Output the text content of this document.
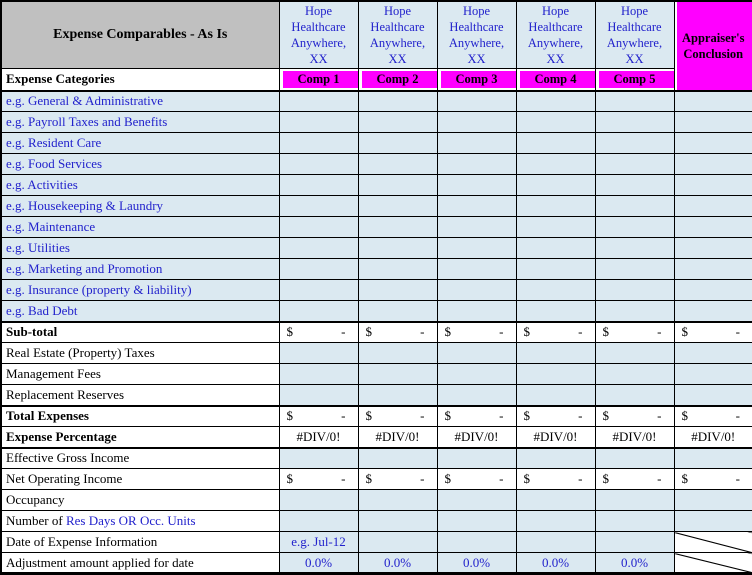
Expense Comparables - As Is	Hope Healthcare Anywhere, XX	Hope Healthcare Anywhere, XX	Hope Healthcare Anywhere, XX	Hope Healthcare Anywhere, XX	Hope Healthcare Anywhere, XX	Appraiser's Conclusion
Expense Categories	Comp 1	Comp 2	Comp 3	Comp 4	Comp 5	
e.g. General & Administrative						
e.g. Payroll Taxes and Benefits						
e.g. Resident Care						
e.g. Food Services						
e.g. Activities						
e.g. Housekeeping & Laundry						
e.g. Maintenance						
e.g. Utilities						
e.g. Marketing and Promotion						
e.g. Insurance (property & liability)						
e.g. Bad Debt						
Sub-total	$ -	$ -	$ -	$ -	$ -	$ -

Real Estate (Property) Taxes						
Management Fees						
Replacement Reserves						
Total Expenses	$ -	$ -	$ -	$ -	$ -	$ -

Expense Percentage	#DIV/0!	#DIV/0!	#DIV/0!	#DIV/0!	#DIV/0!	#DIV/0!
Effective Gross Income						
Net Operating Income	$ -	$ -	$ -	$ -	$ -	$ -

Occupancy						
Number of Res Days OR Occ. Units						
Date of Expense Information	e.g. Jul-12					
Adjustment amount applied for date	0.0%	0.0%	0.0%	0.0%	0.0%	
